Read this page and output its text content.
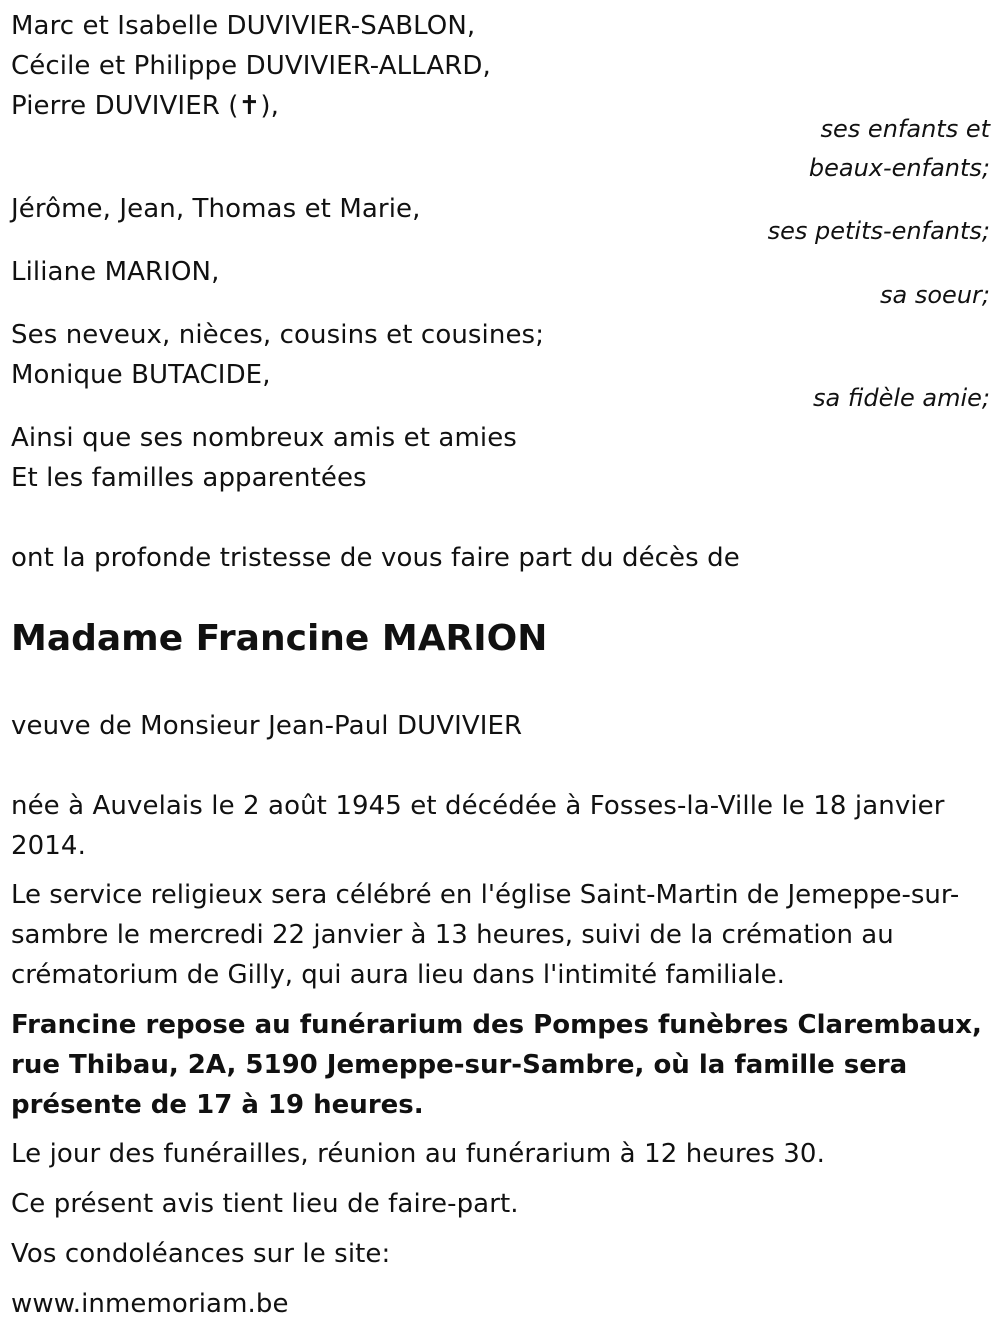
Marc et Isabelle DUVIVIER-SABLON,
Cécile et Philippe DUVIVIER-ALLARD,
Pierre DUVIVIER (✝),
ses enfants et
beaux-enfants;
Jérôme, Jean, Thomas et Marie,
ses petits-enfants;
Liliane MARION,
sa soeur;
Ses neveux, nièces, cousins et cousines;
Monique BUTACIDE,
sa fidèle amie;
Ainsi que ses nombreux amis et amies
Et les familles apparentées
ont la profonde tristesse de vous faire part du décès de
Madame Francine MARION
veuve de Monsieur Jean-Paul DUVIVIER
née à Auvelais le 2 août 1945 et décédée à Fosses-la-Ville le 18 janvier
2014.
Le service religieux sera célébré en l'église Saint-Martin de Jemeppe-sur-sambre le mercredi 22 janvier à 13 heures, suivi de la crémation au crématorium de Gilly, qui aura lieu dans l'intimité familiale.
Francine repose au funérarium des Pompes funèbres Clarembaux, rue Thibau, 2A, 5190 Jemeppe-sur-Sambre, où la famille sera présente de 17 à 19 heures.
Le jour des funérailles, réunion au funérarium à 12 heures 30.
Ce présent avis tient lieu de faire-part.
Vos condoléances sur le site:
www.inmemoriam.be
